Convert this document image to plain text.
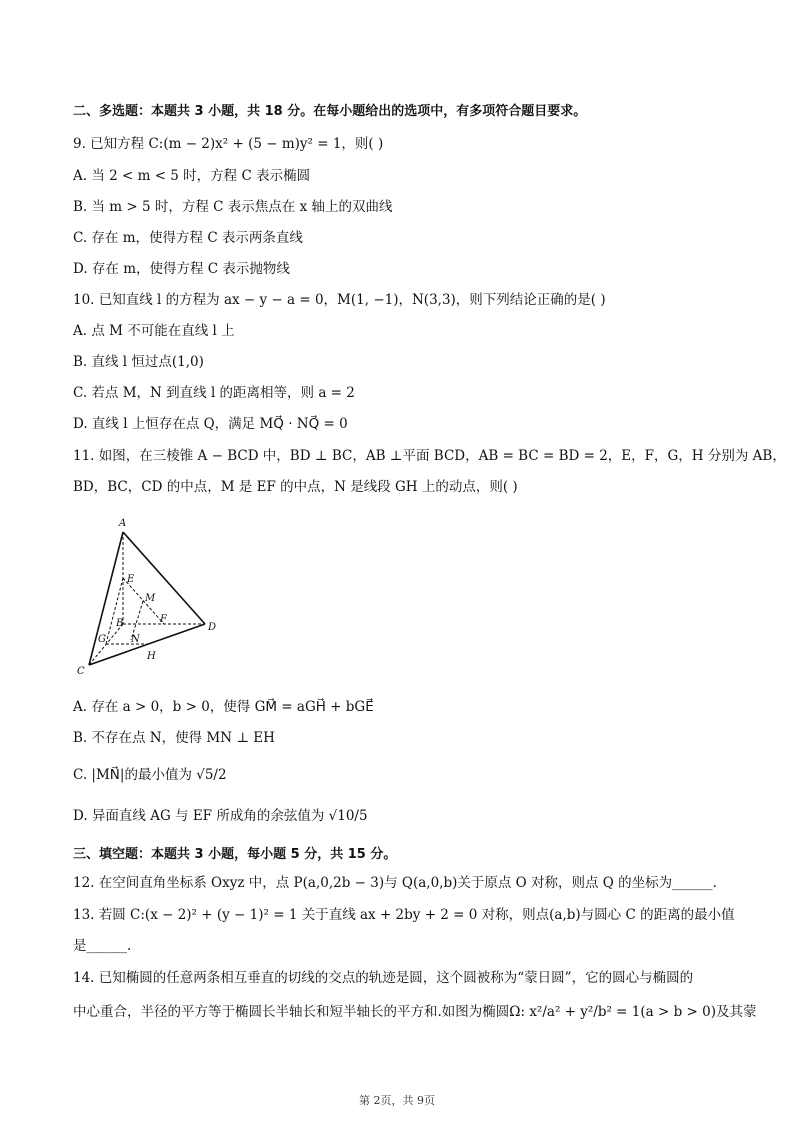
二、多选题：本题共 3 小题，共 18 分。在每小题给出的选项中，有多项符合题目要求。
9. 已知方程 C:(m − 2)x² + (5 − m)y² = 1，则( )
A. 当 2 < m < 5 时，方程 C 表示椭圆
B. 当 m > 5 时，方程 C 表示焦点在 x 轴上的双曲线
C. 存在 m，使得方程 C 表示两条直线
D. 存在 m，使得方程 C 表示抛物线
10. 已知直线 l 的方程为 ax − y − a = 0，M(1, −1)，N(3,3)，则下列结论正确的是( )
A. 点 M 不可能在直线 l 上
B. 直线 l 恒过点(1,0)
C. 若点 M，N 到直线 l 的距离相等，则 a = 2
D. 直线 l 上恒存在点 Q，满足 MQ⃗ · NQ⃗ = 0
11. 如图，在三棱锥 A − BCD 中，BD ⊥ BC，AB ⊥平面 BCD，AB = BC = BD = 2，E，F，G，H 分别为 AB，
BD，BC，CD 的中点，M 是 EF 的中点，N 是线段 GH 上的动点，则( )
A
E
M
F
B
G	N
D
C
H
A. 存在 a > 0，b > 0，使得 GM⃗ = aGH⃗ + bGE⃗
B. 不存在点 N，使得 MN ⊥ EH
C. |MN⃗|的最小值为 √5/2
D. 异面直线 AG 与 EF 所成角的余弦值为 √10/5
三、填空题：本题共 3 小题，每小题 5 分，共 15 分。
12. 在空间直角坐标系 Oxyz 中，点 P(a,0,2b − 3)与 Q(a,0,b)关于原点 O 对称，则点 Q 的坐标为______.
13. 若圆 C:(x − 2)² + (y − 1)² = 1 关于直线 ax + 2by + 2 = 0 对称，则点(a,b)与圆心 C 的距离的最小值
是______.
14. 已知椭圆的任意两条相互垂直的切线的交点的轨迹是圆，这个圆被称为“蒙日圆”，它的圆心与椭圆的
中心重合，半径的平方等于椭圆长半轴长和短半轴长的平方和.如图为椭圆Ω: x²/a² + y²/b² = 1(a > b > 0)及其蒙
第 2页，共 9页
